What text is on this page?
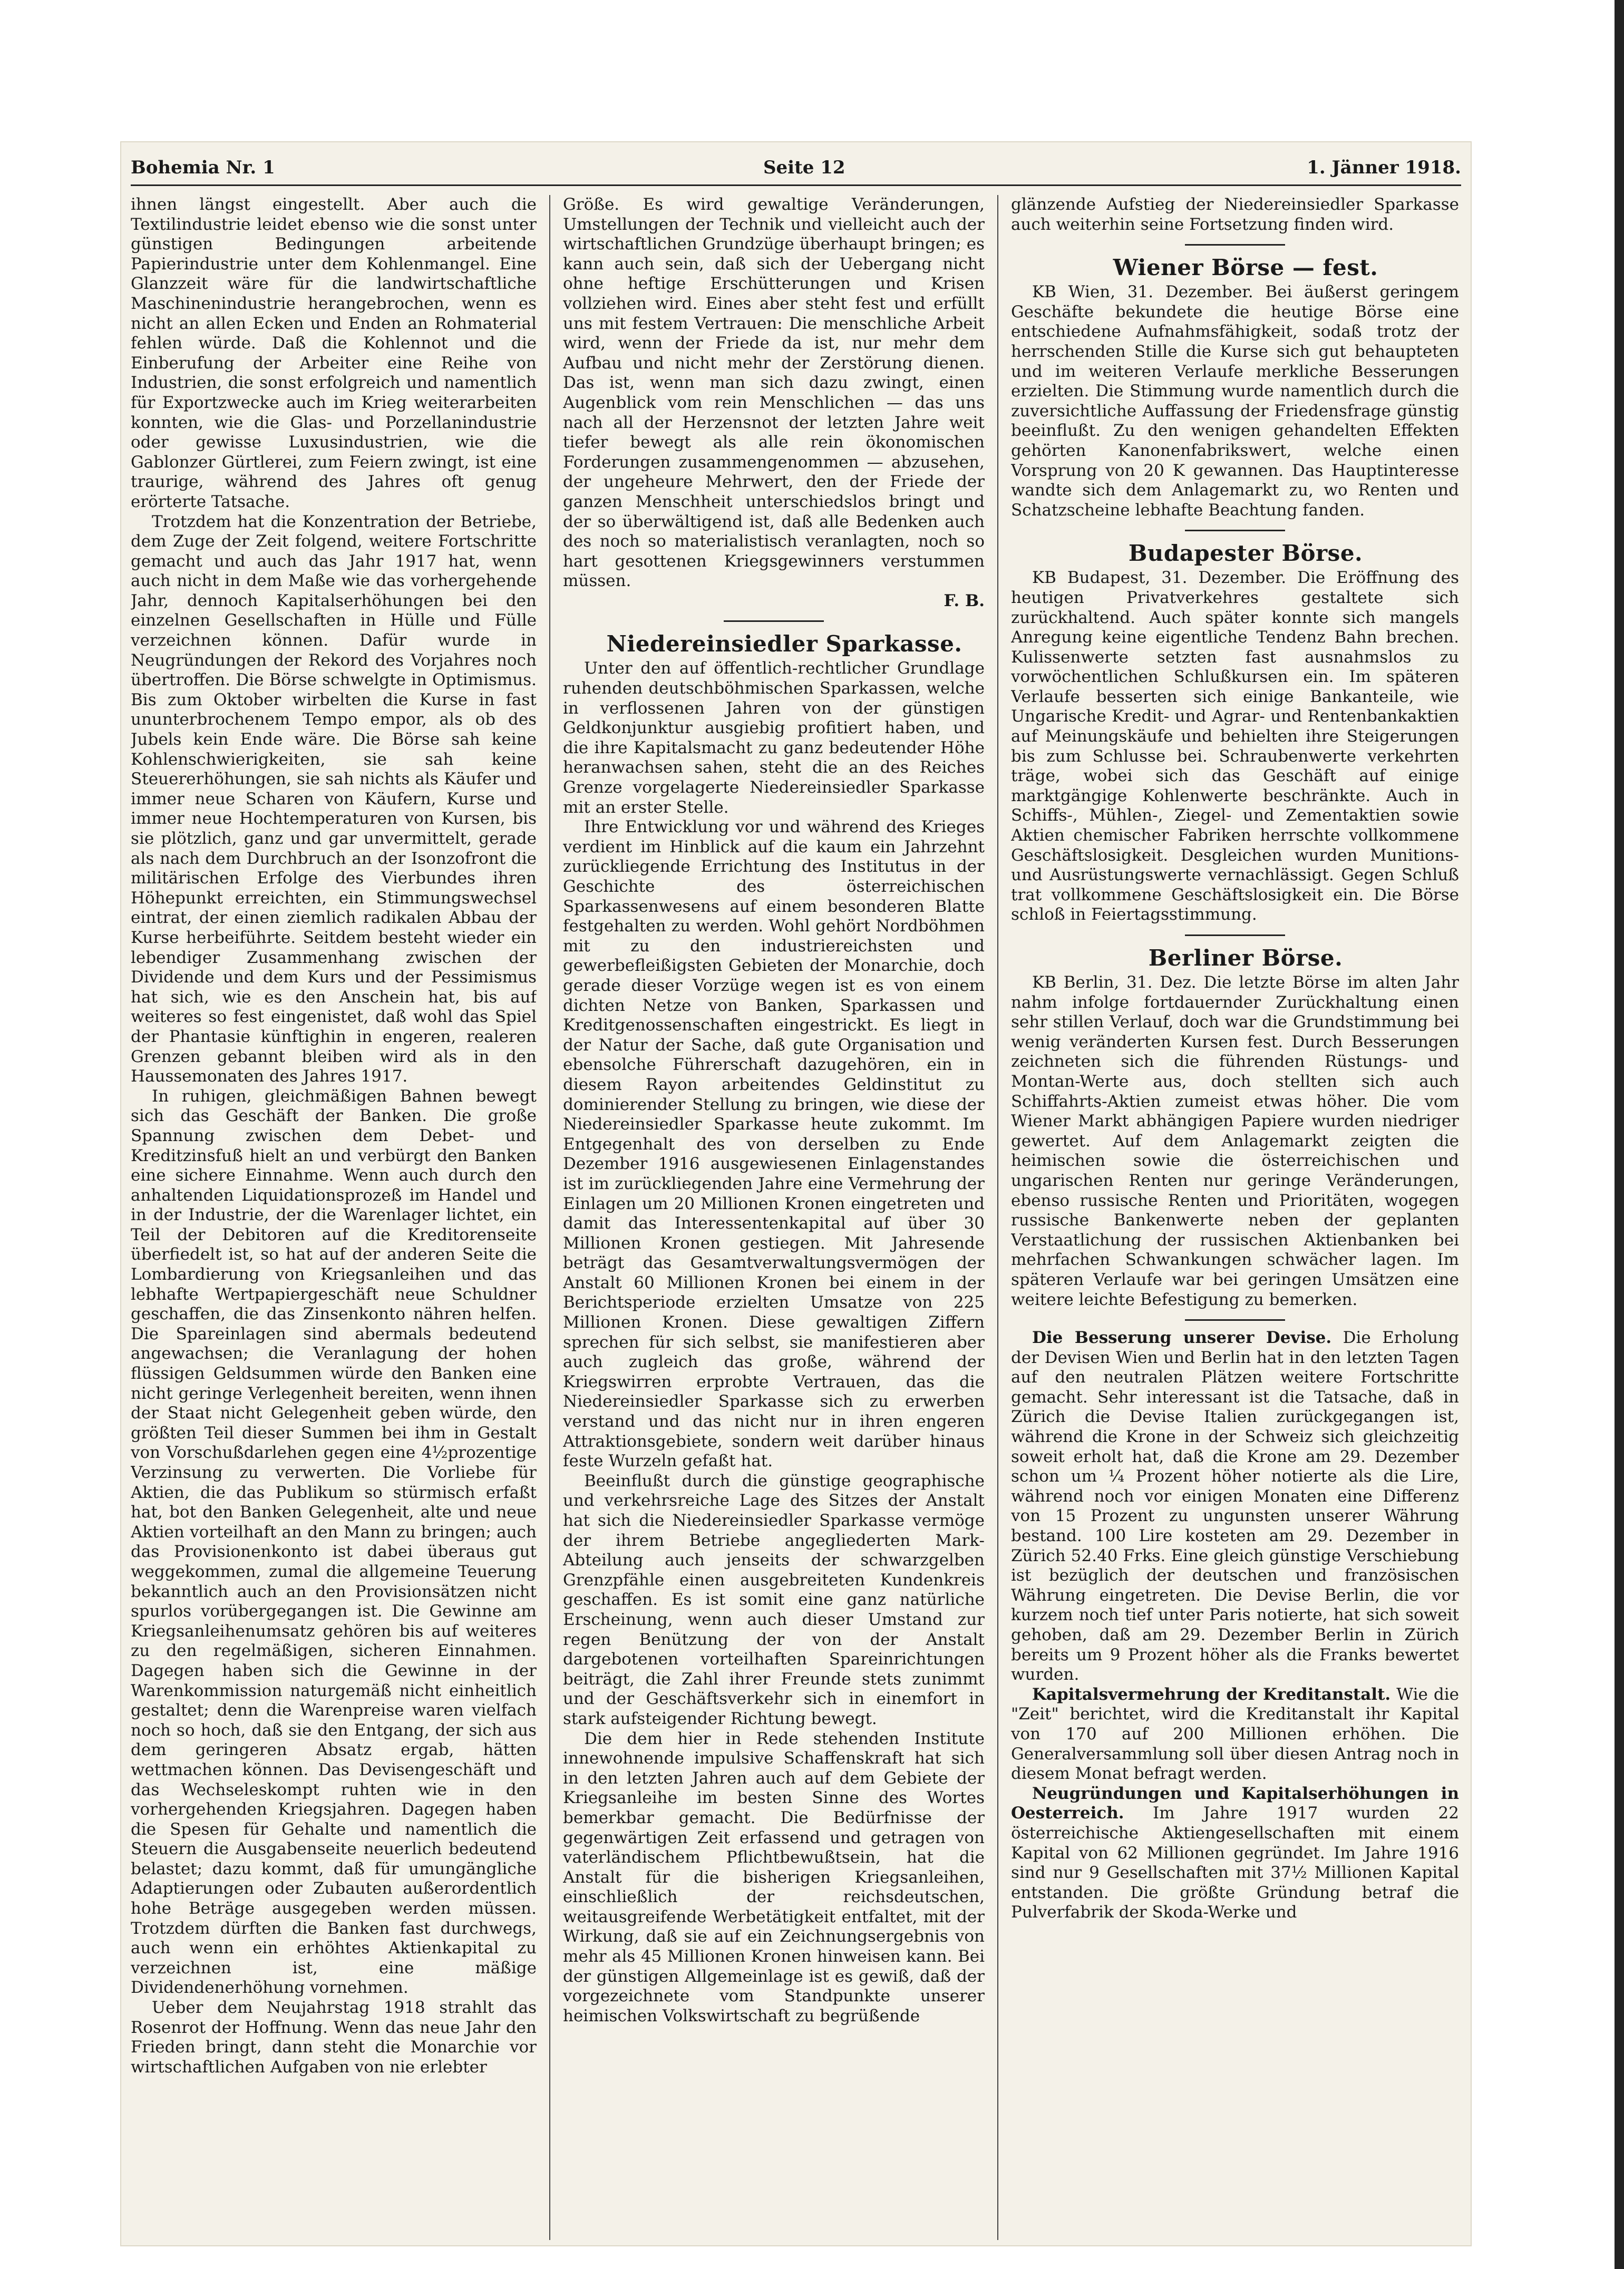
Bohemia Nr. 1	Seite 12	1. Jänner 1918.

ihnen längst eingestellt. Aber auch die Textilindustrie leidet ebenso wie die sonst unter günstigen Bedingungen arbeitende Papierindustrie unter dem Kohlenmangel. Eine Glanzzeit wäre für die landwirtschaftliche Maschinenindustrie herangebrochen, wenn es nicht an allen Ecken und Enden an Rohmaterial fehlen würde. Daß die Kohlennot und die Einberufung der Arbeiter eine Reihe von Industrien, die sonst erfolgreich und namentlich für Exportzwecke auch im Krieg weiterarbeiten konnten, wie die Glas- und Porzellanindustrie oder gewisse Luxusindustrien, wie die Gablonzer Gürtlerei, zum Feiern zwingt, ist eine traurige, während des Jahres oft genug erörterte Tatsache.

Trotzdem hat die Konzentration der Betriebe, dem Zuge der Zeit folgend, weitere Fortschritte gemacht und auch das Jahr 1917 hat, wenn auch nicht in dem Maße wie das vorhergehende Jahr, dennoch Kapitalserhöhungen bei den einzelnen Gesellschaften in Hülle und Fülle verzeichnen können. Dafür wurde in Neugründungen der Rekord des Vorjahres noch übertroffen. Die Börse schwelgte in Optimismus. Bis zum Oktober wirbelten die Kurse in fast ununterbrochenem Tempo empor, als ob des Jubels kein Ende wäre. Die Börse sah keine Kohlenschwierigkeiten, sie sah keine Steuererhöhungen, sie sah nichts als Käufer und immer neue Scharen von Käufern, Kurse und immer neue Hochtemperaturen von Kursen, bis sie plötzlich, ganz und gar unvermittelt, gerade als nach dem Durchbruch an der Isonzofront die militärischen Erfolge des Vierbundes ihren Höhepunkt erreichten, ein Stimmungswechsel eintrat, der einen ziemlich radikalen Abbau der Kurse herbeiführte. Seitdem besteht wieder ein lebendiger Zusammenhang zwischen der Dividende und dem Kurs und der Pessimismus hat sich, wie es den Anschein hat, bis auf weiteres so fest eingenistet, daß wohl das Spiel der Phantasie künftighin in engeren, realeren Grenzen gebannt bleiben wird als in den Haussemonaten des Jahres 1917.

In ruhigen, gleichmäßigen Bahnen bewegt sich das Geschäft der Banken. Die große Spannung zwischen dem Debet- und Kreditzinsfuß hielt an und verbürgt den Banken eine sichere Einnahme. Wenn auch durch den anhaltenden Liquidationsprozeß im Handel und in der Industrie, der die Warenlager lichtet, ein Teil der Debitoren auf die Kreditorenseite überfiedelt ist, so hat auf der anderen Seite die Lombardierung von Kriegsanleihen und das lebhafte Wertpapiergeschäft neue Schuldner geschaffen, die das Zinsenkonto nähren helfen. Die Spareinlagen sind abermals bedeutend angewachsen; die Veranlagung der hohen flüssigen Geldsummen würde den Banken eine nicht geringe Verlegenheit bereiten, wenn ihnen der Staat nicht Gelegenheit geben würde, den größten Teil dieser Summen bei ihm in Gestalt von Vorschußdarlehen gegen eine 4½prozentige Verzinsung zu verwerten. Die Vorliebe für Aktien, die das Publikum so stürmisch erfaßt hat, bot den Banken Gelegenheit, alte und neue Aktien vorteilhaft an den Mann zu bringen; auch das Provisionenkonto ist dabei überaus gut weggekommen, zumal die allgemeine Teuerung bekanntlich auch an den Provisionsätzen nicht spurlos vorübergegangen ist. Die Gewinne am Kriegsanleihenumsatz gehören bis auf weiteres zu den regelmäßigen, sicheren Einnahmen. Dagegen haben sich die Gewinne in der Warenkommission naturgemäß nicht einheitlich gestaltet; denn die Warenpreise waren vielfach noch so hoch, daß sie den Entgang, der sich aus dem geringeren Absatz ergab, hätten wettmachen können. Das Devisengeschäft und das Wechseleskompt ruhten wie in den vorhergehenden Kriegsjahren. Dagegen haben die Spesen für Gehalte und namentlich die Steuern die Ausgabenseite neuerlich bedeutend belastet; dazu kommt, daß für umungängliche Adaptierungen oder Zubauten außerordentlich hohe Beträge ausgegeben werden müssen. Trotzdem dürften die Banken fast durchwegs, auch wenn ein erhöhtes Aktienkapital zu verzeichnen ist, eine mäßige Dividendenerhöhung vornehmen.

Ueber dem Neujahrstag 1918 strahlt das Rosenrot der Hoffnung. Wenn das neue Jahr den Frieden bringt, dann steht die Monarchie vor wirtschaftlichen Aufgaben von nie erlebter

Größe. Es wird gewaltige Veränderungen, Umstellungen der Technik und vielleicht auch der wirtschaftlichen Grundzüge überhaupt bringen; es kann auch sein, daß sich der Uebergang nicht ohne heftige Erschütterungen und Krisen vollziehen wird. Eines aber steht fest und erfüllt uns mit festem Vertrauen: Die menschliche Arbeit wird, wenn der Friede da ist, nur mehr dem Aufbau und nicht mehr der Zerstörung dienen. Das ist, wenn man sich dazu zwingt, einen Augenblick vom rein Menschlichen — das uns nach all der Herzensnot der letzten Jahre weit tiefer bewegt als alle rein ökonomischen Forderungen zusammengenommen — abzusehen, der ungeheure Mehrwert, den der Friede der ganzen Menschheit unterschiedslos bringt und der so überwältigend ist, daß alle Bedenken auch des noch so materialistisch veranlagten, noch so hart gesottenen Kriegsgewinners verstummen müssen.

F. B.

Niedereinsiedler Sparkasse.

Unter den auf öffentlich-rechtlicher Grundlage ruhenden deutschböhmischen Sparkassen, welche in verflossenen Jahren von der günstigen Geldkonjunktur ausgiebig profitiert haben, und die ihre Kapitalsmacht zu ganz bedeutender Höhe heranwachsen sahen, steht die an des Reiches Grenze vorgelagerte Niedereinsiedler Sparkasse mit an erster Stelle.

Ihre Entwicklung vor und während des Krieges verdient im Hinblick auf die kaum ein Jahrzehnt zurückliegende Errichtung des Institutus in der Geschichte des österreichischen Sparkassenwesens auf einem besonderen Blatte festgehalten zu werden. Wohl gehört Nordböhmen mit zu den industriereichsten und gewerbefleißigsten Gebieten der Monarchie, doch gerade dieser Vorzüge wegen ist es von einem dichten Netze von Banken, Sparkassen und Kreditgenossenschaften eingestrickt. Es liegt in der Natur der Sache, daß gute Organisation und ebensolche Führerschaft dazugehören, ein in diesem Rayon arbeitendes Geldinstitut zu dominierender Stellung zu bringen, wie diese der Niedereinsiedler Sparkasse heute zukommt. Im Entgegenhalt des von derselben zu Ende Dezember 1916 ausgewiesenen Einlagenstandes ist im zurückliegenden Jahre eine Vermehrung der Einlagen um 20 Millionen Kronen eingetreten und damit das Interessentenkapital auf über 30 Millionen Kronen gestiegen. Mit Jahresende beträgt das Gesamtverwaltungsvermögen der Anstalt 60 Millionen Kronen bei einem in der Berichtsperiode erzielten Umsatze von 225 Millionen Kronen. Diese gewaltigen Ziffern sprechen für sich selbst, sie manifestieren aber auch zugleich das große, während der Kriegswirren erprobte Vertrauen, das die Niedereinsiedler Sparkasse sich zu erwerben verstand und das nicht nur in ihren engeren Attraktionsgebiete, sondern weit darüber hinaus feste Wurzeln gefaßt hat.

Beeinflußt durch die günstige geographische und verkehrsreiche Lage des Sitzes der Anstalt hat sich die Niedereinsiedler Sparkasse vermöge der ihrem Betriebe angegliederten Mark-Abteilung auch jenseits der schwarzgelben Grenzpfähle einen ausgebreiteten Kundenkreis geschaffen. Es ist somit eine ganz natürliche Erscheinung, wenn auch dieser Umstand zur regen Benützung der von der Anstalt dargebotenen vorteilhaften Spareinrichtungen beiträgt, die Zahl ihrer Freunde stets zunimmt und der Geschäftsverkehr sich in einemfort in stark aufsteigender Richtung bewegt.

Die dem hier in Rede stehenden Institute innewohnende impulsive Schaffenskraft hat sich in den letzten Jahren auch auf dem Gebiete der Kriegsanleihe im besten Sinne des Wortes bemerkbar gemacht. Die Bedürfnisse der gegenwärtigen Zeit erfassend und getragen von vaterländischem Pflichtbewußtsein, hat die Anstalt für die bisherigen Kriegsanleihen, einschließlich der reichsdeutschen, weitausgreifende Werbetätigkeit entfaltet, mit der Wirkung, daß sie auf ein Zeichnungsergebnis von mehr als 45 Millionen Kronen hinweisen kann. Bei der günstigen Allgemeinlage ist es gewiß, daß der vorgezeichnete vom Standpunkte unserer heimischen Volkswirtschaft zu begrüßende

glänzende Aufstieg der Niedereinsiedler Sparkasse auch weiterhin seine Fortsetzung finden wird.

Wiener Börse — fest.

KB Wien, 31. Dezember. Bei äußerst geringem Geschäfte bekundete die heutige Börse eine entschiedene Aufnahmsfähigkeit, sodaß trotz der herrschenden Stille die Kurse sich gut behaupteten und im weiteren Verlaufe merkliche Besserungen erzielten. Die Stimmung wurde namentlich durch die zuversichtliche Auffassung der Friedensfrage günstig beeinflußt. Zu den wenigen gehandelten Effekten gehörten Kanonenfabrikswert, welche einen Vorsprung von 20 K gewannen. Das Hauptinteresse wandte sich dem Anlagemarkt zu, wo Renten und Schatzscheine lebhafte Beachtung fanden.

Budapester Börse.

KB Budapest, 31. Dezember. Die Eröffnung des heutigen Privatverkehres gestaltete sich zurückhaltend. Auch später konnte sich mangels Anregung keine eigentliche Tendenz Bahn brechen. Kulissenwerte setzten fast ausnahmslos zu vorwöchentlichen Schlußkursen ein. Im späteren Verlaufe besserten sich einige Bankanteile, wie Ungarische Kredit- und Agrar- und Rentenbankaktien auf Meinungskäufe und behielten ihre Steigerungen bis zum Schlusse bei. Schraubenwerte verkehrten träge, wobei sich das Geschäft auf einige marktgängige Kohlenwerte beschränkte. Auch in Schiffs-, Mühlen-, Ziegel- und Zementaktien sowie Aktien chemischer Fabriken herrschte vollkommene Geschäftslosigkeit. Desgleichen wurden Munitions- und Ausrüstungswerte vernachlässigt. Gegen Schluß trat vollkommene Geschäftslosigkeit ein. Die Börse schloß in Feiertagsstimmung.

Berliner Börse.

KB Berlin, 31. Dez. Die letzte Börse im alten Jahr nahm infolge fortdauernder Zurückhaltung einen sehr stillen Verlauf, doch war die Grundstimmung bei wenig veränderten Kursen fest. Durch Besserungen zeichneten sich die führenden Rüstungs- und Montan-Werte aus, doch stellten sich auch Schiffahrts-Aktien zumeist etwas höher. Die vom Wiener Markt abhängigen Papiere wurden niedriger gewertet. Auf dem Anlagemarkt zeigten die heimischen sowie die österreichischen und ungarischen Renten nur geringe Veränderungen, ebenso russische Renten und Prioritäten, wogegen russische Bankenwerte neben der geplanten Verstaatlichung der russischen Aktienbanken bei mehrfachen Schwankungen schwächer lagen. Im späteren Verlaufe war bei geringen Umsätzen eine weitere leichte Befestigung zu bemerken.

Die Besserung unserer Devise. Die Erholung der Devisen Wien und Berlin hat in den letzten Tagen auf den neutralen Plätzen weitere Fortschritte gemacht. Sehr interessant ist die Tatsache, daß in Zürich die Devise Italien zurückgegangen ist, während die Krone in der Schweiz sich gleichzeitig soweit erholt hat, daß die Krone am 29. Dezember schon um ¼ Prozent höher notierte als die Lire, während noch vor einigen Monaten eine Differenz von 15 Prozent zu ungunsten unserer Währung bestand. 100 Lire kosteten am 29. Dezember in Zürich 52.40 Frks. Eine gleich günstige Verschiebung ist bezüglich der deutschen und französischen Währung eingetreten. Die Devise Berlin, die vor kurzem noch tief unter Paris notierte, hat sich soweit gehoben, daß am 29. Dezember Berlin in Zürich bereits um 9 Prozent höher als die Franks bewertet wurden.

Kapitalsvermehrung der Kreditanstalt. Wie die "Zeit" berichtet, wird die Kreditanstalt ihr Kapital von 170 auf 200 Millionen erhöhen. Die Generalversammlung soll über diesen Antrag noch in diesem Monat befragt werden.

Neugründungen und Kapitalserhöhungen in Oesterreich. Im Jahre 1917 wurden 22 österreichische Aktiengesellschaften mit einem Kapital von 62 Millionen gegründet. Im Jahre 1916 sind nur 9 Gesellschaften mit 37½ Millionen Kapital entstanden. Die größte Gründung betraf die Pulverfabrik der Skoda-Werke und
